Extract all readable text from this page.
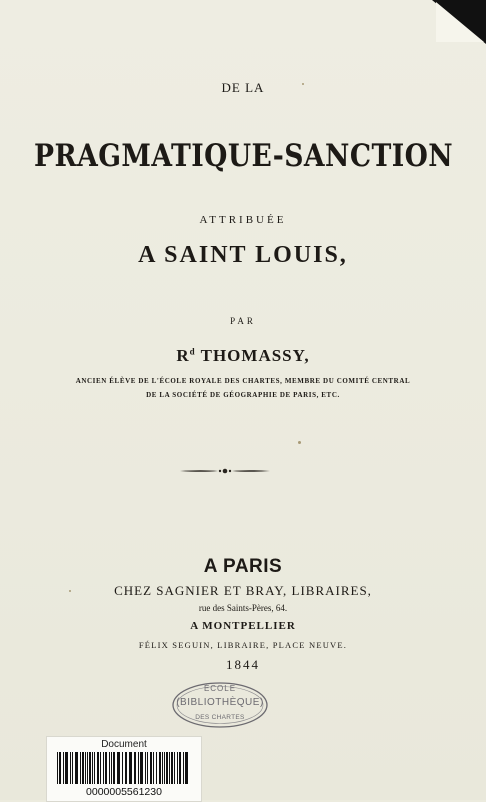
DE LA
PRAGMATIQUE-SANCTION
ATTRIBUÉE
A SAINT LOUIS,
PAR
$R^d$ THOMASSY,
ANCIEN ÉLÈVE DE L'ÉCOLE ROYALE DES CHARTES, MEMBRE DU COMITÉ CENTRAL
DE LA SOCIÉTÉ DE GÉOGRAPHIE DE PARIS, ETC.
A PARIS
CHEZ SAGNIER ET BRAY, LIBRAIRES,
rue des Saints-Pères, 64.
A MONTPELLIER
FÉLIX SEGUIN, LIBRAIRE, PLACE NEUVE.
1844
ÉCOLE
(BIBLIOTHÈQUE)
DES CHARTES
Document
0000005561230
